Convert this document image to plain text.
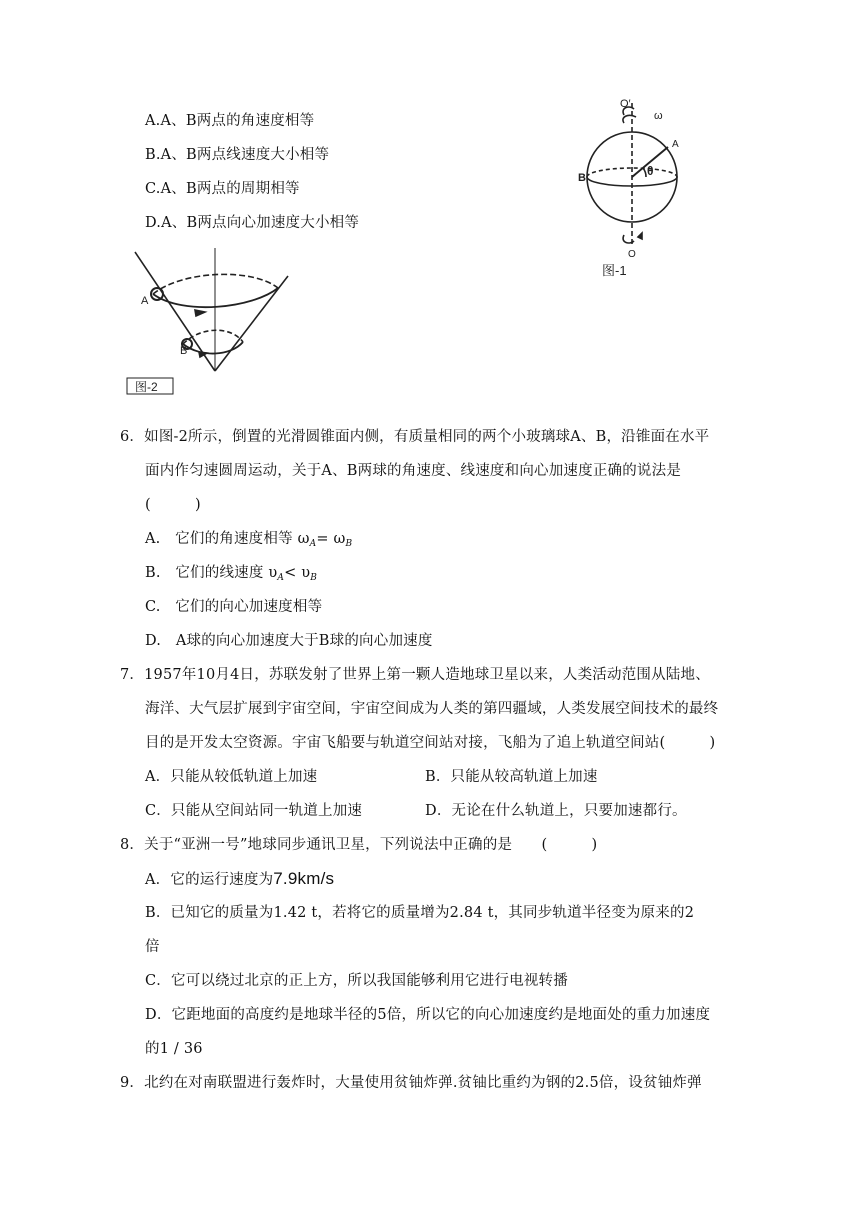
A.A、B两点的角速度相等
B.A、B两点线速度大小相等
C.A、B两点的周期相等
D.A、B两点向心加速度大小相等
O′
ω
A
B	θ
O
图-1
A
B
图-2
6．如图-2所示，倒置的光滑圆锥面内侧，有质量相同的两个小玻璃球A、B，沿锥面在水平
面内作匀速圆周运动，关于A、B两球的角速度、线速度和向心加速度正确的说法是
(　　　)
A.　它们的角速度相等 $\omega_A= \omega_B$
B.　它们的线速度 $\upsilon_A< \upsilon_B$
C.　它们的向心加速度相等
D.　A球的向心加速度大于B球的向心加速度
7．1957年10月4日，苏联发射了世界上第一颗人造地球卫星以来，人类活动范围从陆地、
海洋、大气层扩展到宇宙空间，宇宙空间成为人类的第四疆域，人类发展空间技术的最终
目的是开发太空资源。宇宙飞船要与轨道空间站对接，飞船为了追上轨道空间站(　　　)
A．只能从较低轨道上加速	B．只能从较高轨道上加速
C．只能从空间站同一轨道上加速	D．无论在什么轨道上，只要加速都行。
8．关于“亚洲一号”地球同步通讯卫星，下列说法中正确的是　　(　　　)
A．它的运行速度为7.9km/s
B．已知它的质量为1.42 t，若将它的质量增为2.84 t，其同步轨道半径变为原来的2
倍
C．它可以绕过北京的正上方，所以我国能够利用它进行电视转播
D．它距地面的高度约是地球半径的5倍，所以它的向心加速度约是地面处的重力加速度
的1 / 36
9．北约在对南联盟进行轰炸时，大量使用贫铀炸弹.贫铀比重约为钢的2.5倍，设贫铀炸弹
